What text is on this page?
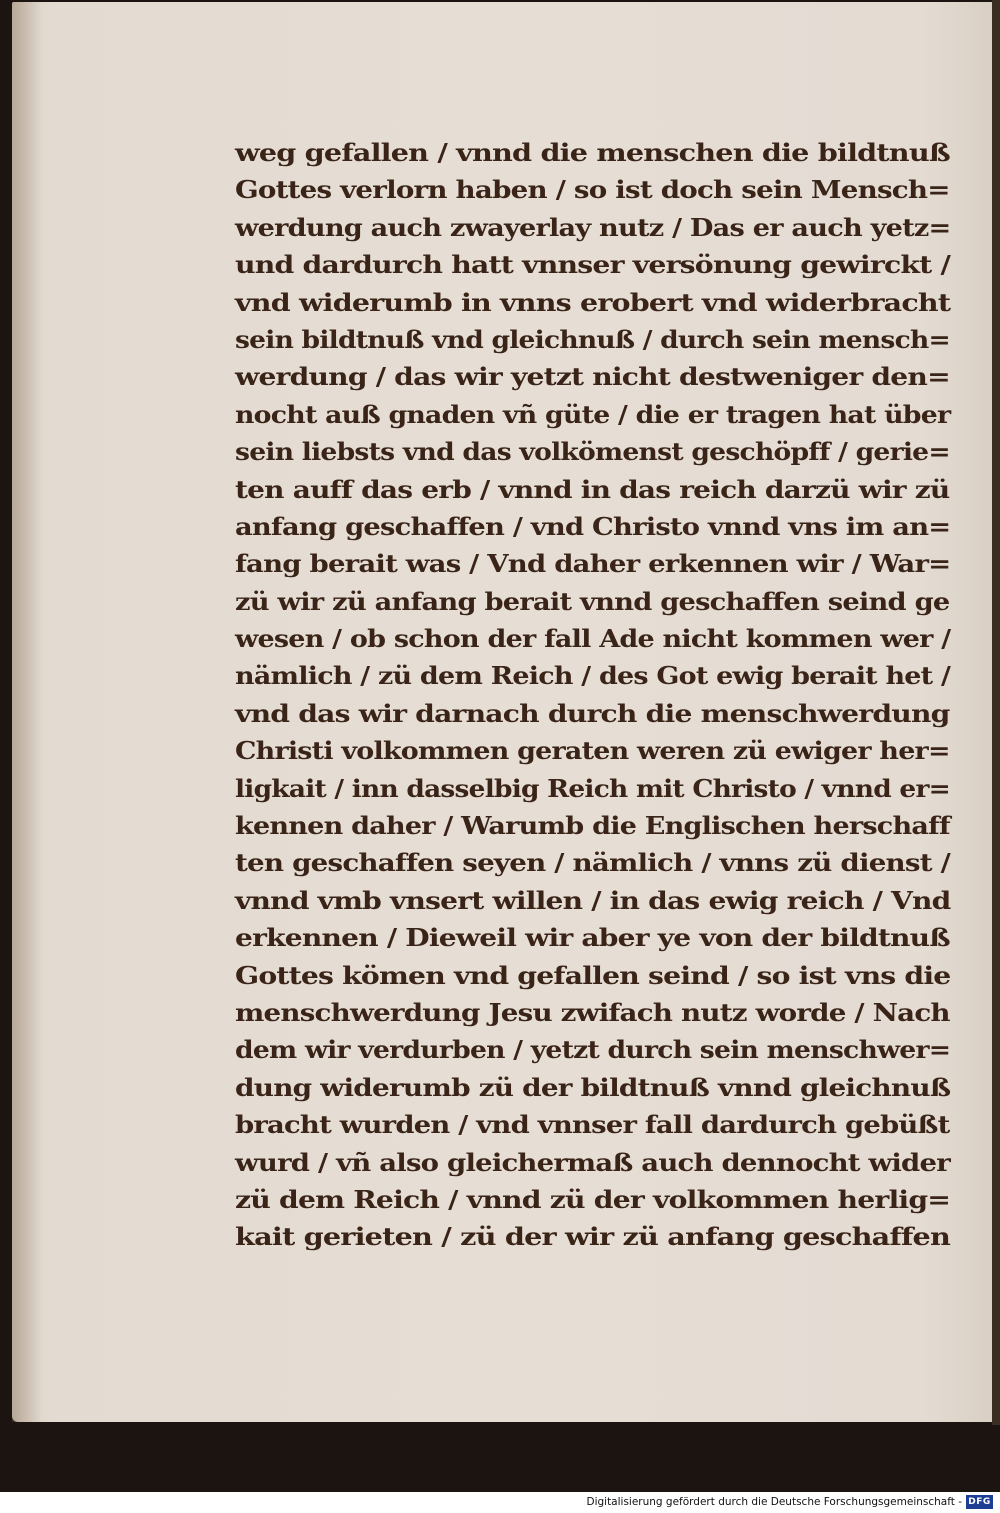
weg gefallen / vnnd die menschen die bildtnuß
Gottes verlorn haben / so ist doch sein Mensch=
werdung auch zwayerlay nutz / Das er auch yetz=
und dardurch hatt vnnser versönung gewirckt /
vnd widerumb in vnns erobert vnd widerbracht
sein bildtnuß vnd gleichnuß / durch sein mensch=
werdung / das wir yetzt nicht destweniger den=
nocht auß gnaden vñ güte / die er tragen hat über
sein liebsts vnd das volkömenst geschöpff / gerie=
ten auff das erb / vnnd in das reich darzü wir zü
anfang geschaffen / vnd Christo vnnd vns im an=
fang berait was / Vnd daher erkennen wir / War=
zü wir zü anfang berait vnnd geschaffen seind ge
wesen / ob schon der fall Ade nicht kommen wer /
nämlich / zü dem Reich / des Got ewig berait het /
vnd das wir darnach durch die menschwerdung
Christi volkommen geraten weren zü ewiger her=
ligkait / inn dasselbig Reich mit Christo / vnnd er=
kennen daher / Warumb die Englischen herschaff
ten geschaffen seyen / nämlich / vnns zü dienst /
vnnd vmb vnsert willen / in das ewig reich / Vnd
erkennen / Dieweil wir aber ye von der bildtnuß
Gottes kömen vnd gefallen seind / so ist vns die
menschwerdung Jesu zwifach nutz worde / Nach
dem wir verdurben / yetzt durch sein menschwer=
dung widerumb zü der bildtnuß vnnd gleichnuß
bracht wurden / vnd vnnser fall dardurch gebüßt
wurd / vñ also gleichermaß auch dennocht wider
zü dem Reich / vnnd zü der volkommen herlig=
kait gerieten / zü der wir zü anfang geschaffen
Digitalisierung gefördert durch die Deutsche Forschungsgemeinschaft - DFG
